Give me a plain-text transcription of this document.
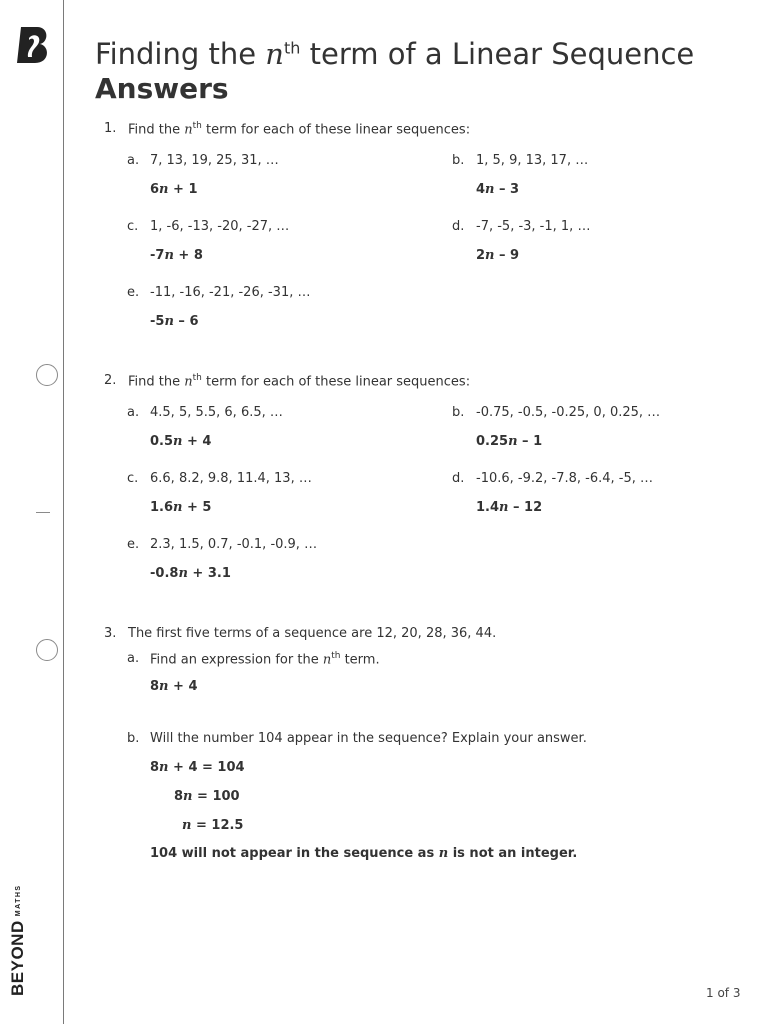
BEYONDMATHS
Finding the $n^{th}$ term of a Linear Sequence
Answers
1. Find the $n^{th}$ term for each of these linear sequences:
a. 7, 13, 19, 25, 31, …
6n + 1
b. 1, 5, 9, 13, 17, …
4n – 3
c. 1, -6, -13, -20, -27, …
-7n + 8
d. -7, -5, -3, -1, 1, …
2n – 9
e. -11, -16, -21, -26, -31, …
-5n – 6
2. Find the $n^{th}$ term for each of these linear sequences:
a. 4.5, 5, 5.5, 6, 6.5, …
0.5n + 4
b. -0.75, -0.5, -0.25, 0, 0.25, …
0.25n – 1
c. 6.6, 8.2, 9.8, 11.4, 13, …
1.6n + 5
d. -10.6, -9.2, -7.8, -6.4, -5, …
1.4n – 12
e. 2.3, 1.5, 0.7, -0.1, -0.9, …
-0.8n + 3.1
3. The first five terms of a sequence are 12, 20, 28, 36, 44.
a. Find an expression for the $n^{th}$ term.
8n + 4
b. Will the number 104 appear in the sequence? Explain your answer.
8n + 4 = 104
8n = 100
n = 12.5
104 will not appear in the sequence as n is not an integer.
1 of 3
